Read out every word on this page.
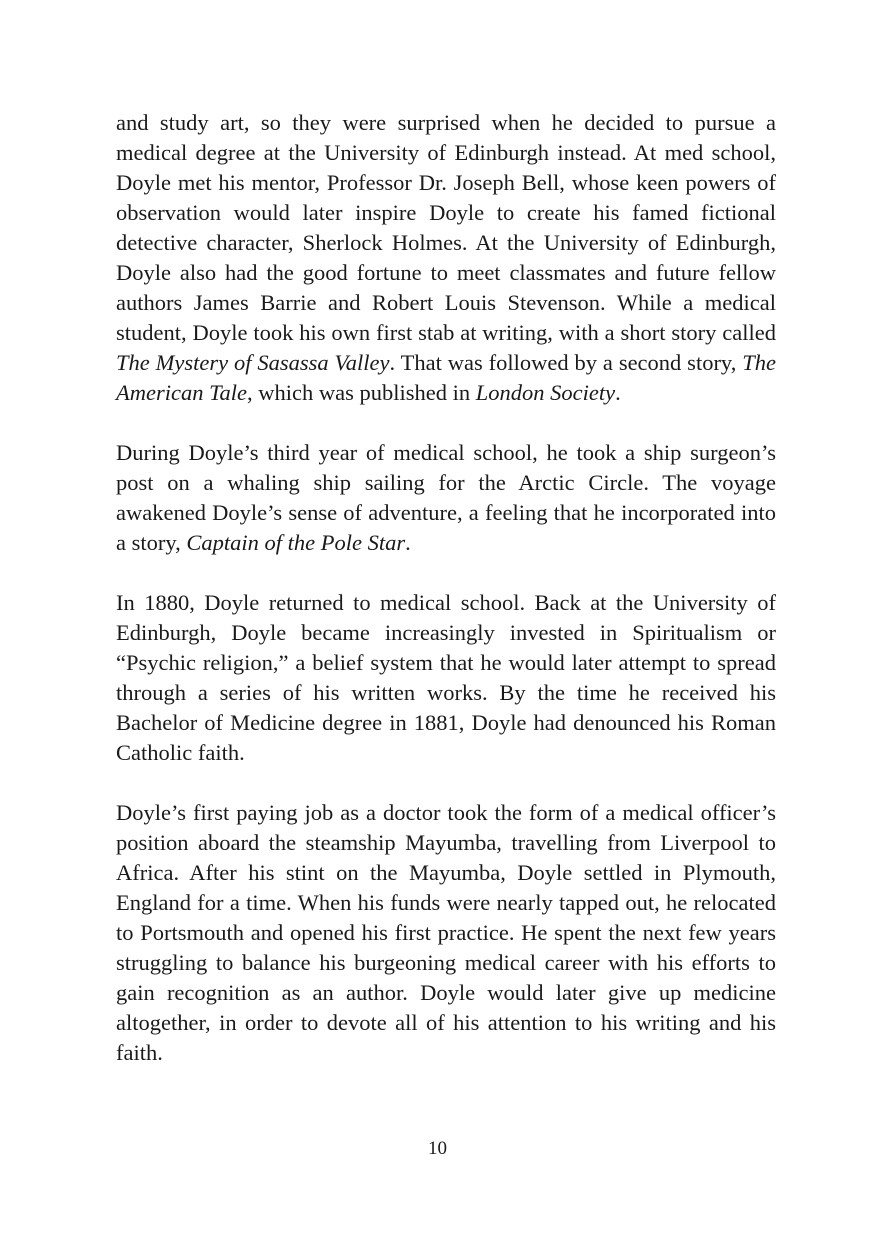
and study art, so they were surprised when he decided to pursue a medical degree at the University of Edinburgh instead. At med school, Doyle met his mentor, Professor Dr. Joseph Bell, whose keen powers of observation would later inspire Doyle to create his famed fictional detective character, Sherlock Holmes. At the University of Edinburgh, Doyle also had the good fortune to meet classmates and future fellow authors James Barrie and Robert Louis Stevenson. While a medical student, Doyle took his own first stab at writing, with a short story called The Mystery of Sasassa Valley. That was followed by a second story, The American Tale, which was published in London Society.

During Doyle’s third year of medical school, he took a ship surgeon’s post on a whaling ship sailing for the Arctic Circle. The voyage awakened Doyle’s sense of adventure, a feeling that he incorporated into a story, Captain of the Pole Star.

In 1880, Doyle returned to medical school. Back at the University of Edinburgh, Doyle became increasingly invested in Spiritualism or “Psychic religion,” a belief system that he would later attempt to spread through a series of his written works. By the time he received his Bachelor of Medicine degree in 1881, Doyle had denounced his Roman Catholic faith.

Doyle’s first paying job as a doctor took the form of a medical officer’s position aboard the steamship Mayumba, travelling from Liverpool to Africa. After his stint on the Mayumba, Doyle settled in Plymouth, England for a time. When his funds were nearly tapped out, he relocated to Portsmouth and opened his first practice. He spent the next few years struggling to balance his burgeoning medical career with his efforts to gain recognition as an author. Doyle would later give up medicine altogether, in order to devote all of his attention to his writing and his faith.

10
